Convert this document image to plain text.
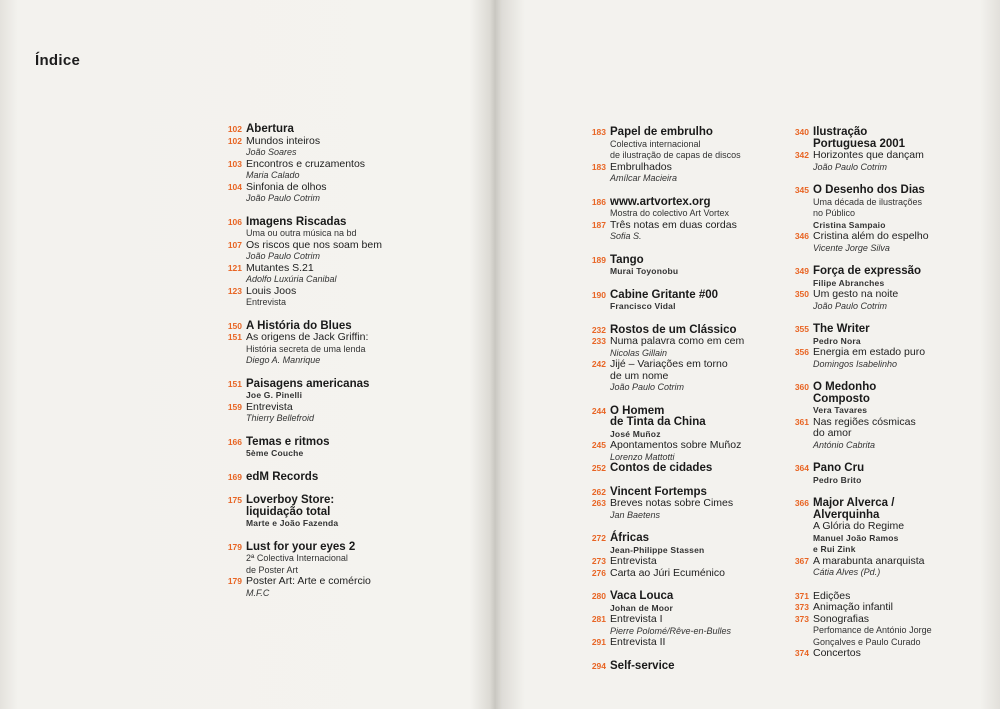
Índice
102 Abertura
102 Mundos inteiros
João Soares
103 Encontros e cruzamentos
Maria Calado
104 Sinfonia de olhos
João Paulo Cotrim
106 Imagens Riscadas
Uma ou outra música na bd
107 Os riscos que nos soam bem
João Paulo Cotrim
121 Mutantes S.21
Adolfo Luxúria Canibal
123 Louis Joos
Entrevista
150 A História do Blues
151 As origens de Jack Griffin:
História secreta de uma lenda
Diego A. Manrique
151 Paisagens americanas
Joe G. Pinelli
159 Entrevista
Thierry Bellefroid
166 Temas e ritmos
5ème Couche
169 edM Records
175 Loverboy Store:
liquidação total
Marte e João Fazenda
179 Lust for your eyes 2
2ª Colectiva Internacional
de Poster Art
179 Poster Art: Arte e comércio
M.F.C
183 Papel de embrulho
Colectiva internacional
de ilustração de capas de discos
183 Embrulhados
Amílcar Macieira
186 www.artvortex.org
Mostra do colectivo Art Vortex
187 Três notas em duas cordas
Sofia S.
189 Tango
Murai Toyonobu
190 Cabine Gritante #00
Francisco Vidal
232 Rostos de um Clássico
233 Numa palavra como em cem
Nicolas Gillain
242 Jijé – Variações em torno
de um nome
João Paulo Cotrim
244 O Homem
de Tinta da China
José Muñoz
245 Apontamentos sobre Muñoz
Lorenzo Mattotti
252 Contos de cidades
262 Vincent Fortemps
263 Breves notas sobre Cimes
Jan Baetens
272 Áfricas
Jean-Philippe Stassen
273 Entrevista
276 Carta ao Júri Ecuménico
280 Vaca Louca
Johan de Moor
281 Entrevista I
Pierre Polomé/Rêve-en-Bulles
291 Entrevista II
294 Self-service
340 Ilustração
Portuguesa 2001
342 Horizontes que dançam
João Paulo Cotrim
345 O Desenho dos Dias
Uma década de ilustrações
no Público
Cristina Sampaio
346 Cristina além do espelho
Vicente Jorge Silva
349 Força de expressão
Filipe Abranches
350 Um gesto na noite
João Paulo Cotrim
355 The Writer
Pedro Nora
356 Energia em estado puro
Domingos Isabelinho
360 O Medonho
Composto
Vera Tavares
361 Nas regiões cósmicas
do amor
António Cabrita
364 Pano Cru
Pedro Brito
366 Major Alverca /
Alverquinha
A Glória do Regime
Manuel João Ramos
e Rui Zink
367 A marabunta anarquista
Cátia Alves (Pd.)
371 Edições
373 Animação infantil
373 Sonografias
Perfomance de António Jorge
Gonçalves e Paulo Curado
374 Concertos
